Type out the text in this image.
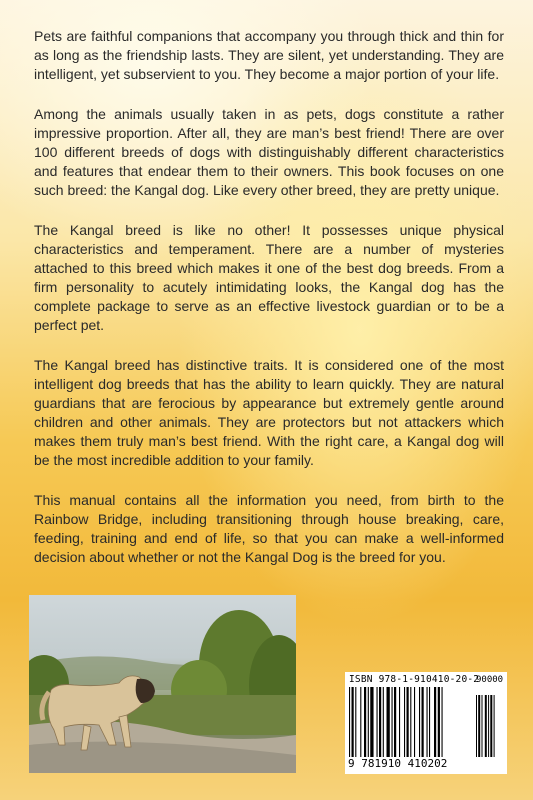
Pets are faithful companions that accompany you through thick and thin for as long as the friendship lasts. They are silent, yet understanding. They are intelligent, yet subservient to you. They become a major portion of your life.

Among the animals usually taken in as pets, dogs constitute a rather impressive proportion. After all, they are man’s best friend! There are over 100 different breeds of dogs with distinguishably different characteristics and features that endear them to their owners. This book focuses on one such breed: the Kangal dog. Like every other breed, they are pretty unique.

The Kangal breed is like no other! It possesses unique physical characteristics and temperament. There are a number of mysteries attached to this breed which makes it one of the best dog breeds. From a firm personality to acutely intimidating looks, the Kangal dog has the complete package to serve as an effective livestock guardian or to be a perfect pet.

The Kangal breed has distinctive traits. It is considered one of the most intelligent dog breeds that has the ability to learn quickly. They are natural guardians that are ferocious by appearance but extremely gentle around children and other animals. They are protectors but not attackers which makes them truly man’s best friend. With the right care, a Kangal dog will be the most incredible addition to your family.

This manual contains all the information you need, from birth to the Rainbow Bridge, including transitioning through house breaking, care, feeding, training and end of life, so that you can make a well-informed decision about whether or not the Kangal Dog is the breed for you.

ISBN 978-1-910410-20-2
90000
9 781910 410202
